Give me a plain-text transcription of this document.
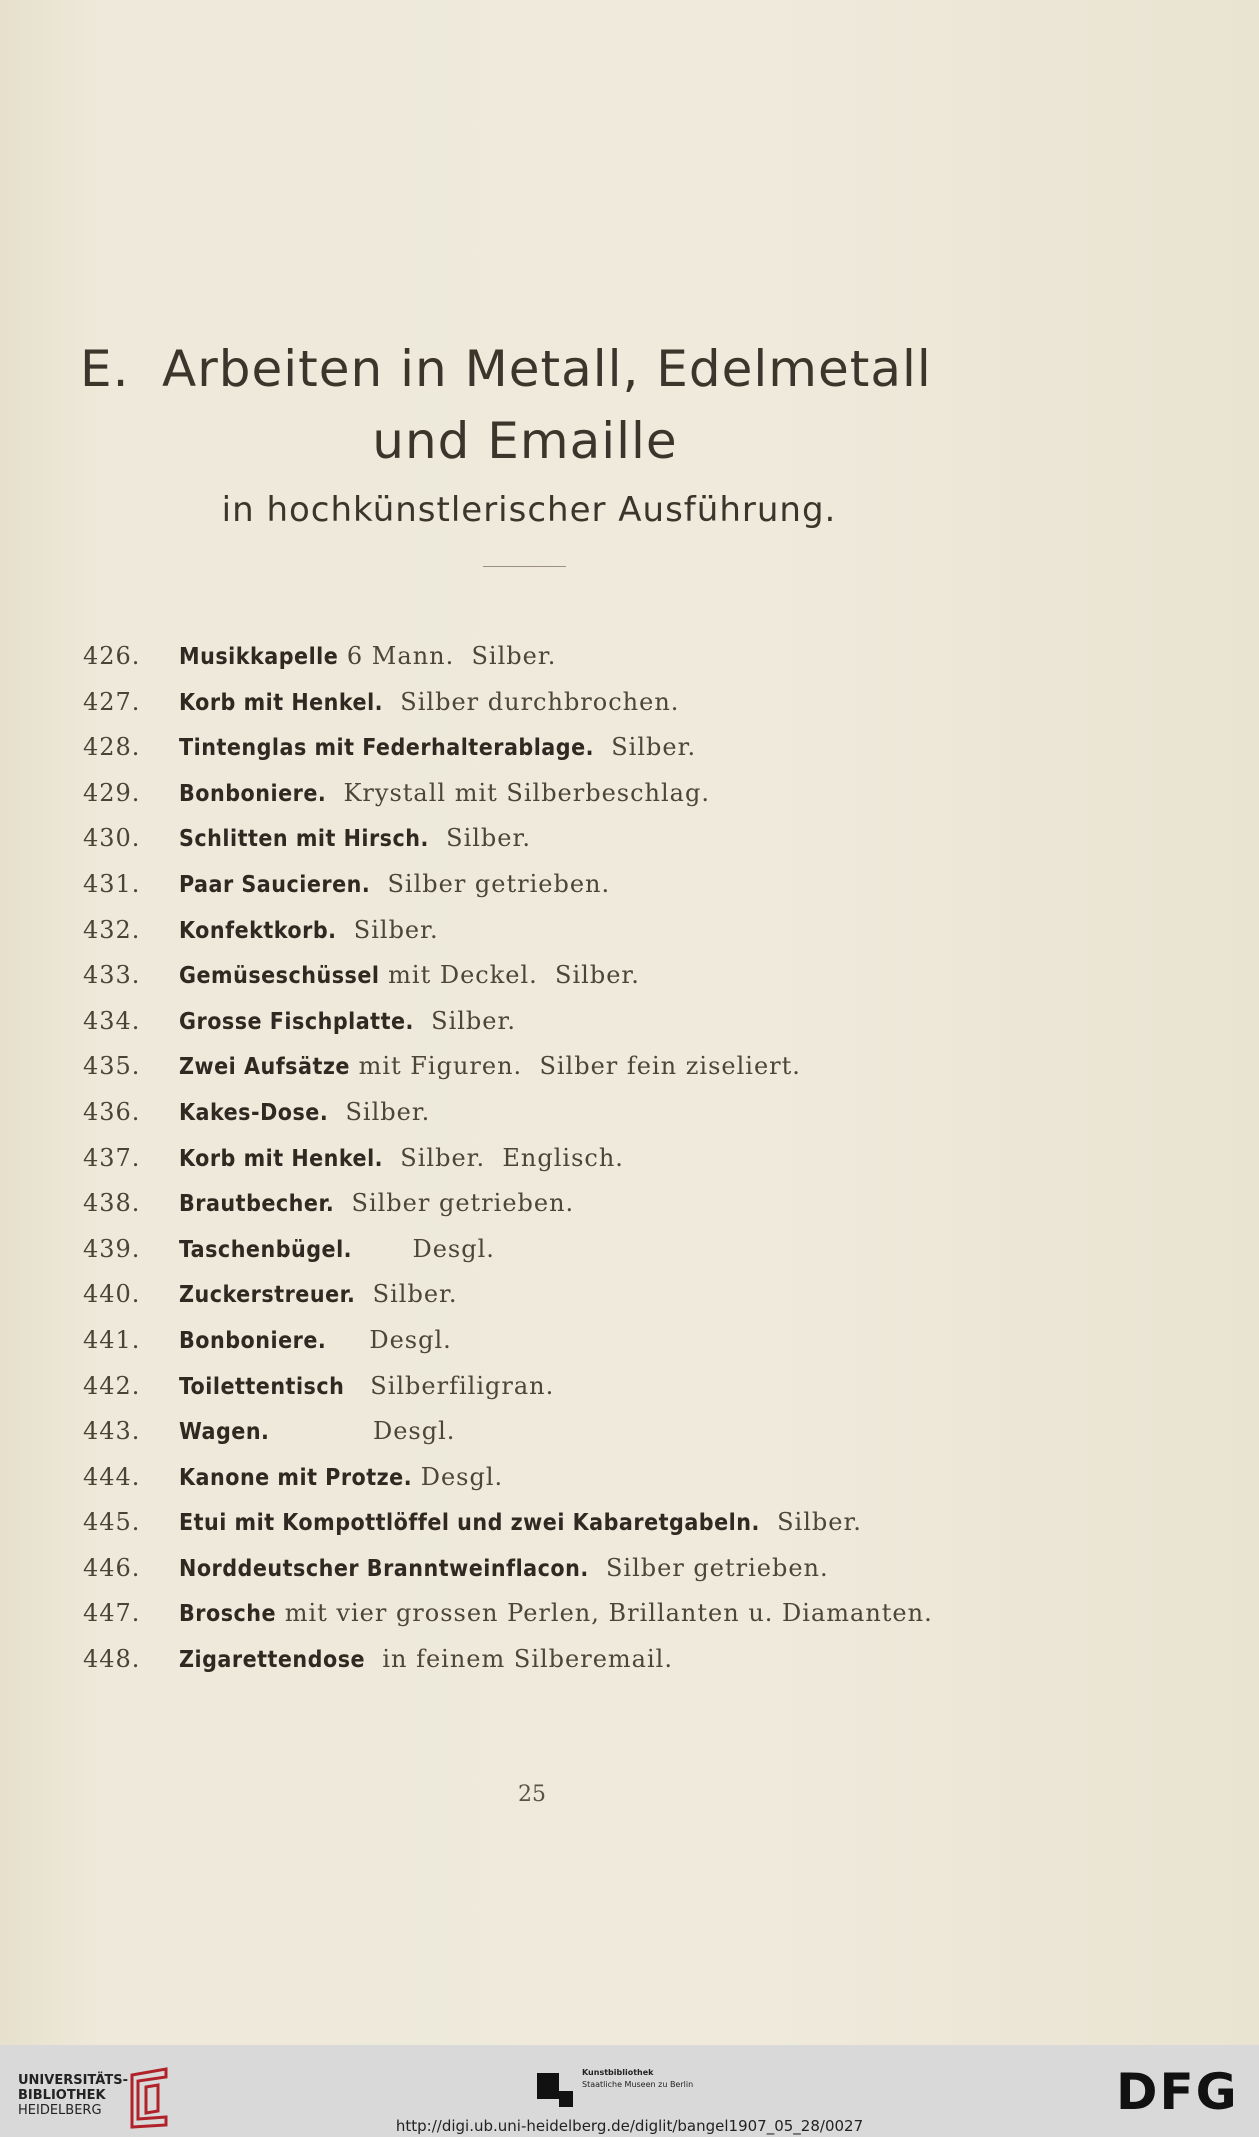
E. Arbeiten in Metall, Edelmetall
und Emaille
in hochkünstlerischer Ausführung.
426.	Musikkapelle 6 Mann.  Silber.
427.	Korb mit Henkel. Silber durchbrochen.
428.	Tintenglas mit Federhalterablage. Silber.
429.	Bonboniere. Krystall mit Silberbeschlag.
430.	Schlitten mit Hirsch. Silber.
431.	Paar Saucieren. Silber getrieben.
432.	Konfektkorb. Silber.
433.	Gemüseschüssel mit Deckel.  Silber.
434.	Grosse Fischplatte. Silber.
435.	Zwei Aufsätze mit Figuren.  Silber fein ziseliert.
436.	Kakes-Dose. Silber.
437.	Korb mit Henkel. Silber.  Englisch.
438.	Brautbecher. Silber getrieben.
439.	Taschenbügel. Desgl.
440.	Zuckerstreuer. Silber.
441.	Bonboniere. Desgl.
442.	Toilettentisch Silberfiligran.
443.	Wagen. Desgl.
444.	Kanone mit Protze. Desgl.
445.	Etui mit Kompottlöffel und zwei Kabaretgabeln. Silber.
446.	Norddeutscher Branntweinflacon. Silber getrieben.
447.	Brosche mit vier grossen Perlen, Brillanten u. Diamanten.
448.	Zigarettendose in feinem Silberemail.
25
UNIVERSITÄTS-
BIBLIOTHEK
HEIDELBERG
Kunstbibliothek
Staatliche Museen zu Berlin	DFG
http://digi.ub.uni-heidelberg.de/diglit/bangel1907_05_28/0027
